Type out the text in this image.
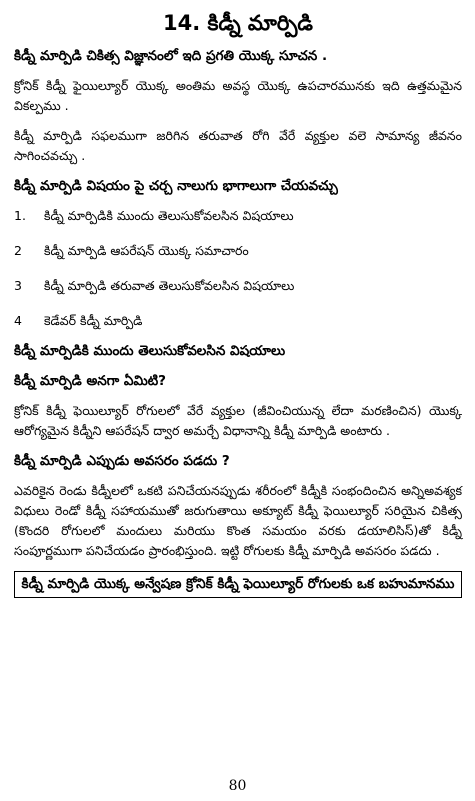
14. కిడ్నీ మార్పిడి
కిడ్నీ మార్పిడి చికిత్స విజ్ఞానంలో ఇది ప్రగతి యొక్క సూచన .
క్రోనిక్ కిడ్నీ ఫైయిల్యూర్ యొక్క అంతిమ అవస్థ యొక్క ఉపచారమునకు ఇది ఉత్తమమైన వికల్పము .
కిడ్నీ మార్పిడి సఫలముగా జరిగిన తరువాత రోగి వేరే వ్యక్తుల వలె సామాన్య జీవనం సాగించవచ్చు .
కిడ్నీ మార్పిడి విషయం పై చర్చ నాలుగు భాగాలుగా చేయవచ్చు
1.	కిడ్నీ మార్పిడికి ముందు తెలుసుకోవలసిన విషయాలు
2	కిడ్నీ మార్పిడి ఆపరేషన్ యొక్క సమాచారం
3	కిడ్నీ మార్పిడి తరువాత తెలుసుకోవలసిన విషయాలు
4	కెడేవర్ కిడ్నీ మార్పిడి
కిడ్నీ మార్పిడికి ముందు తెలుసుకోవలసిన విషయాలు
కిడ్నీ మార్పిడి అనగా ఏమిటి?
క్రోనిక్ కిడ్నీ ఫెయిల్యూర్ రోగులలో వేరే వ్యక్తుల (జీవించియున్న లేదా మరణించిన) యొక్క ఆరోగ్యమైన కిడ్నీని ఆపరేషన్ ద్వార అమర్చే విధానాన్ని కిడ్నీ మార్పిడి అంటారు .
కిడ్నీ మార్పిడి ఎప్పుడు అవసరం పడదు ?
ఎవరికైన రెండు కిడ్నీలలో ఒకటి పనిచేయనప్పుడు శరీరంలో కిడ్నీకి సంభందించిన అన్నిఅవశ్యక విధులు రెండో కిడ్నీ సహాయముతో జరుగుతాయి అక్యూట్ కిడ్నీ ఫెయిల్యూర్ సరియైన చికిత్స (కొందరి రోగులలో మందులు మరియు కొంత సమయం వరకు డయాలిసిస్)తో కిడ్నీ సంపూర్ణముగా పనిచేయడం ప్రారంభిస్తుంది. ఇట్టి రోగులకు కిడ్నీ మార్పిడి అవసరం పడదు .
కిడ్నీ మార్పిడి యొక్క అన్వేషణ క్రోనిక్ కిడ్నీ ఫెయిల్యూర్ రోగులకు ఒక బహుమానము
80
